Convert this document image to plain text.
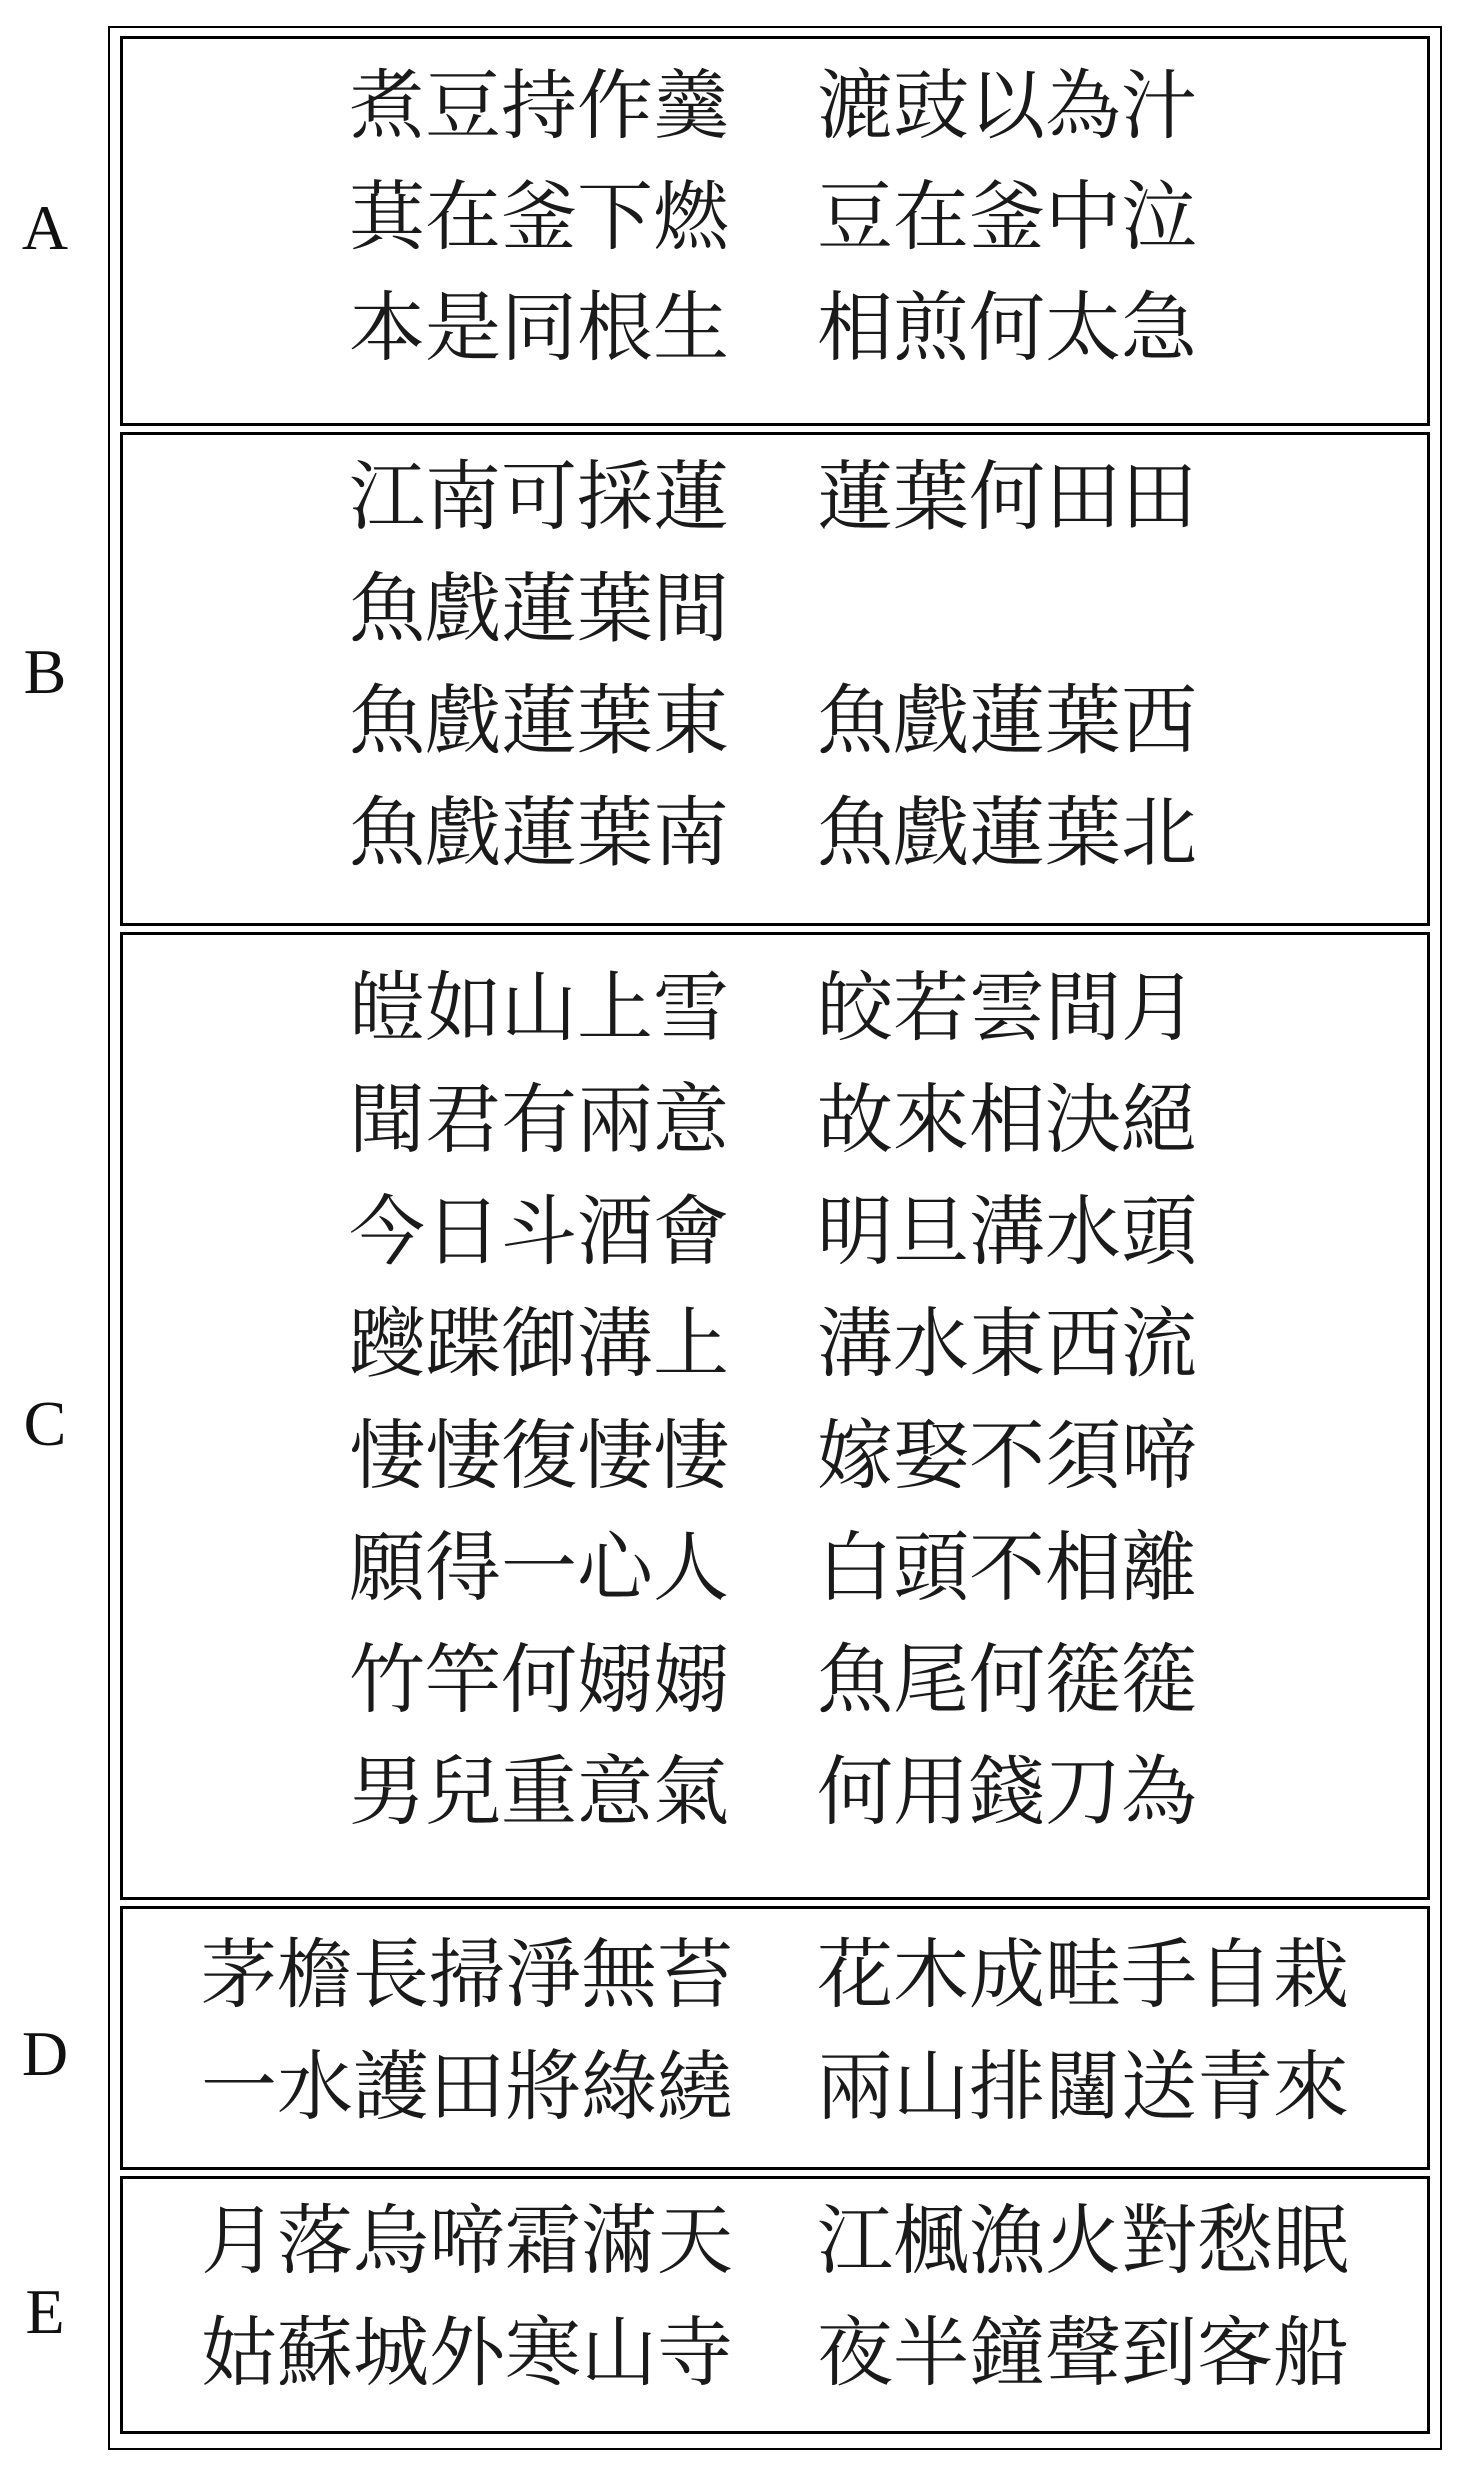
A
B
C
D
E
煮豆持作羹 漉豉以為汁
萁在釜下燃 豆在釜中泣
本是同根生 相煎何太急
江南可採蓮 蓮葉何田田
魚戲蓮葉間
魚戲蓮葉東 魚戲蓮葉西
魚戲蓮葉南 魚戲蓮葉北
皚如山上雪 皎若雲間月
聞君有兩意 故來相決絕
今日斗酒會 明旦溝水頭
躞蹀御溝上 溝水東西流
悽悽復悽悽 嫁娶不須啼
願得一心人 白頭不相離
竹竿何嫋嫋 魚尾何簁簁
男兒重意氣 何用錢刀為
茅檐長掃淨無苔 花木成畦手自栽
一水護田將綠繞 兩山排闥送青來
月落烏啼霜滿天 江楓漁火對愁眠
姑蘇城外寒山寺 夜半鐘聲到客船
